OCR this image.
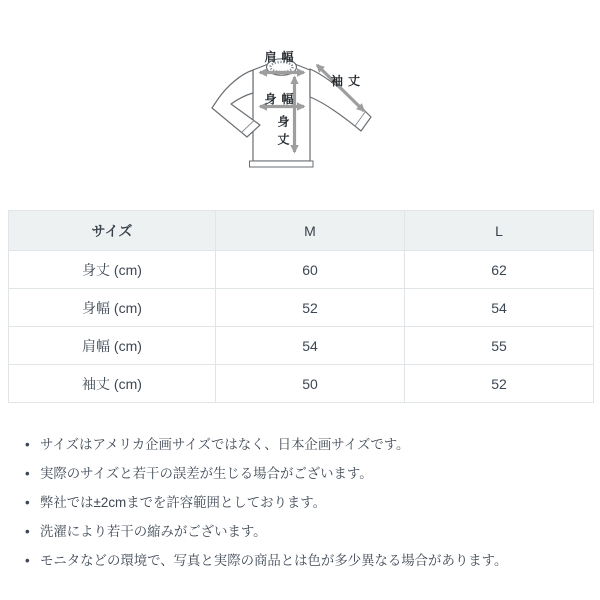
肩幅
身幅
身丈
袖丈
サイズ	M	L
身丈 (cm)	60	62
身幅 (cm)	52	54
肩幅 (cm)	54	55
袖丈 (cm)	50	52
• サイズはアメリカ企画サイズではなく、日本企画サイズです。
• 実際のサイズと若干の誤差が生じる場合がございます。
• 弊社では±2cmまでを許容範囲としております。
• 洗濯により若干の縮みがございます。
• モニタなどの環境で、写真と実際の商品とは色が多少異なる場合があります。
